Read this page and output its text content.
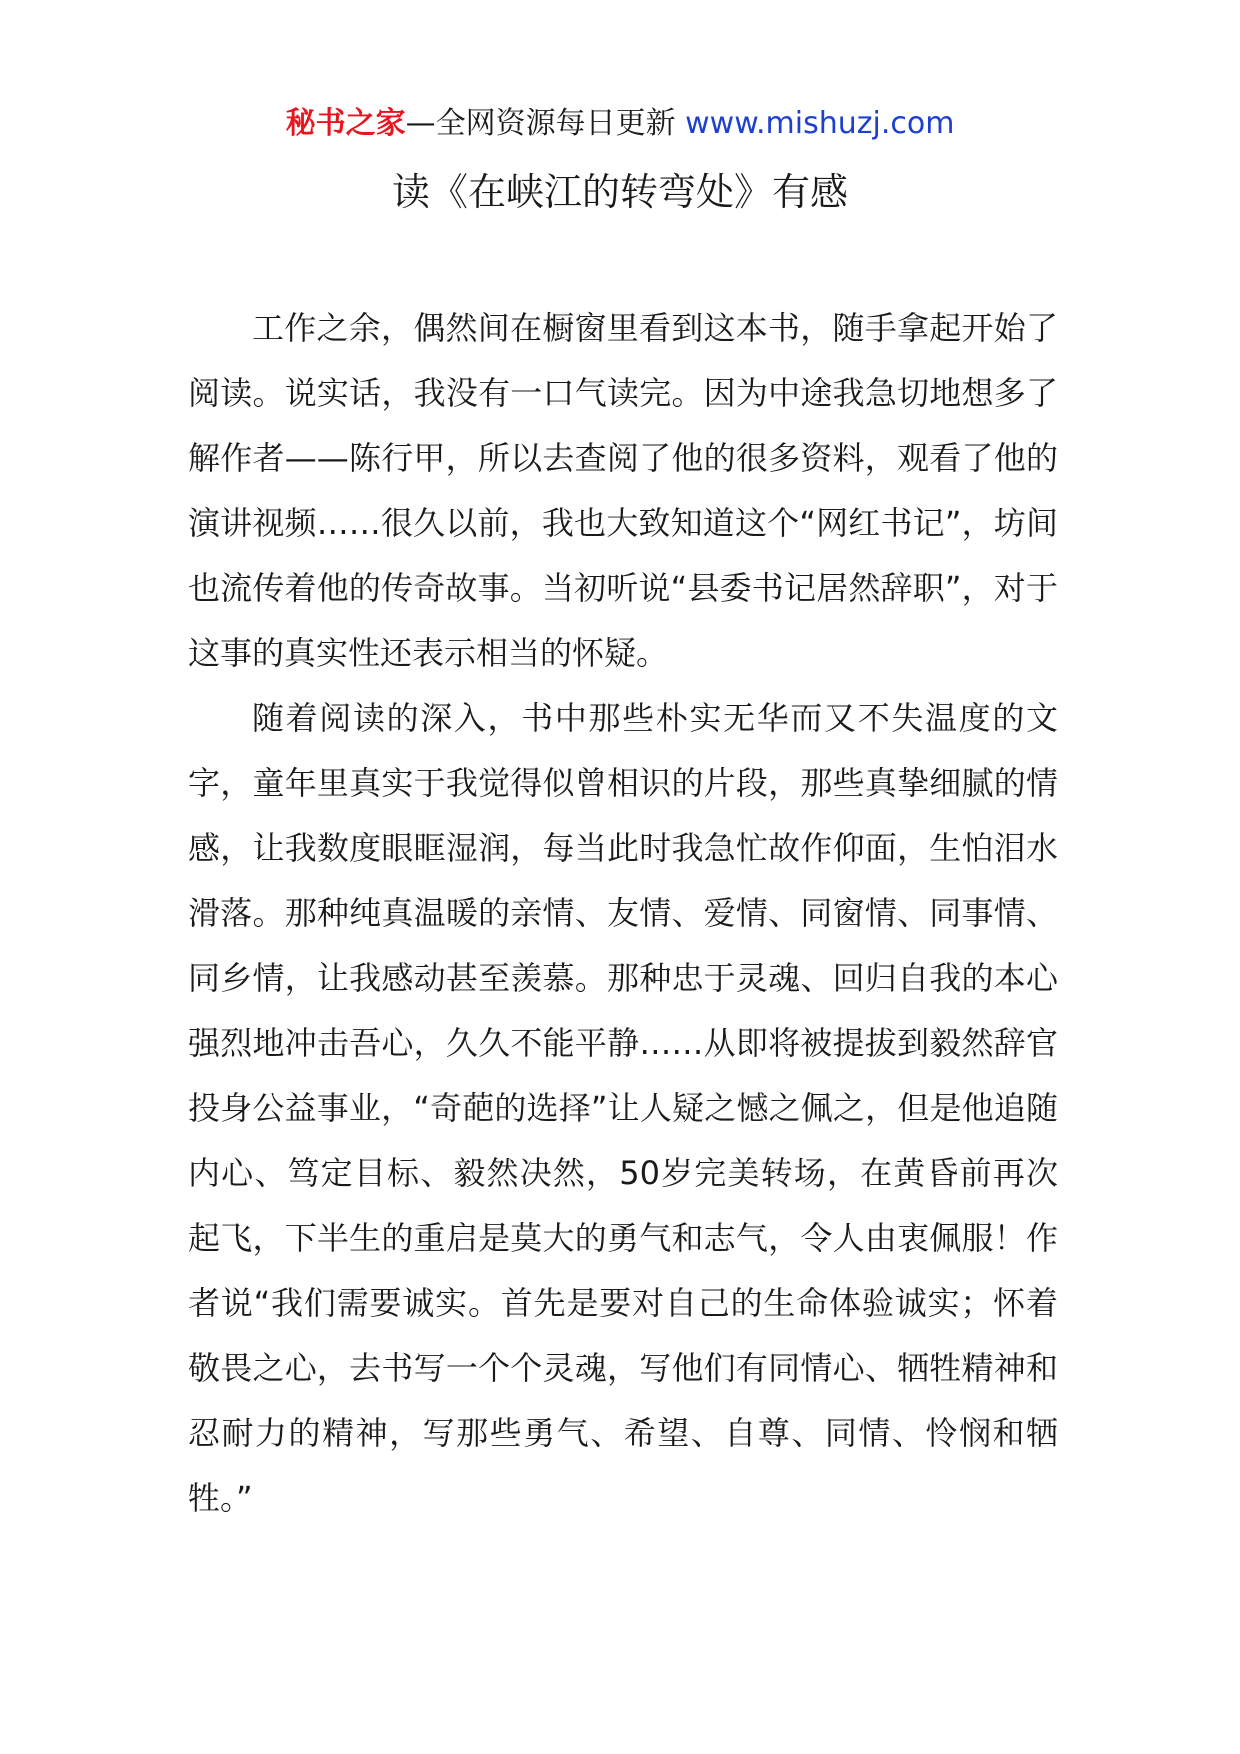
秘书之家—全网资源每日更新 www.mishuzj.com
读《在峡江的转弯处》有感

工作之余，偶然间在橱窗里看到这本书，随手拿起开始了阅读。说实话，我没有一口气读完。因为中途我急切地想多了解作者——陈行甲，所以去查阅了他的很多资料，观看了他的演讲视频……很久以前，我也大致知道这个“网红书记”，坊间也流传着他的传奇故事。当初听说“县委书记居然辞职”，对于这事的真实性还表示相当的怀疑。

随着阅读的深入，书中那些朴实无华而又不失温度的文字，童年里真实于我觉得似曾相识的片段，那些真挚细腻的情感，让我数度眼眶湿润，每当此时我急忙故作仰面，生怕泪水滑落。那种纯真温暖的亲情、友情、爱情、同窗情、同事情、同乡情，让我感动甚至羡慕。那种忠于灵魂、回归自我的本心强烈地冲击吾心，久久不能平静……从即将被提拔到毅然辞官投身公益事业，“奇葩的选择”让人疑之憾之佩之，但是他追随内心、笃定目标、毅然决然，50岁完美转场，在黄昏前再次起飞，下半生的重启是莫大的勇气和志气，令人由衷佩服！作者说“我们需要诚实。首先是要对自己的生命体验诚实；怀着敬畏之心，去书写一个个灵魂，写他们有同情心、牺牲精神和忍耐力的精神，写那些勇气、希望、自尊、同情、怜悯和牺牲。”
